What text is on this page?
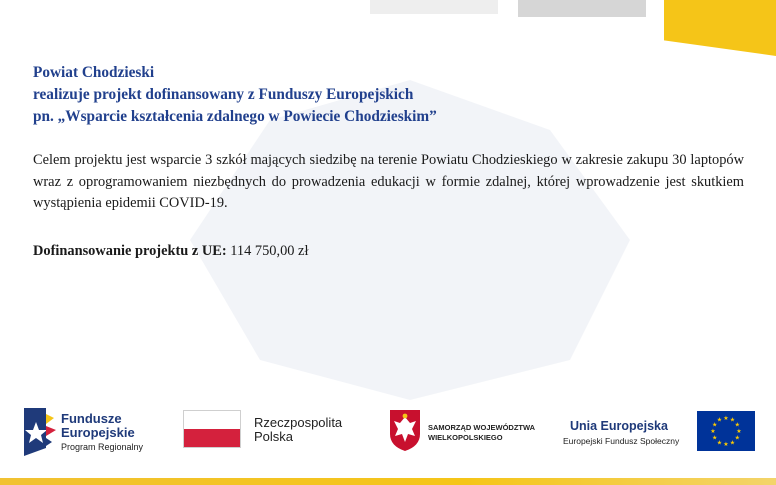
Powiat Chodzieski
realizuje projekt dofinansowany z Funduszy Europejskich
pn. „Wsparcie kształcenia zdalnego w Powiecie Chodzieskim”
Celem projektu jest wsparcie 3 szkół mających siedzibę na terenie Powiatu Chodzieskiego w zakresie zakupu 30 laptopów wraz z oprogramowaniem niezbędnych do prowadzenia edukacji w formie zdalnej, której wprowadzenie jest skutkiem wystąpienia epidemii COVID-19.
Dofinansowanie projektu z UE: 114 750,00 zł
Fundusze
Europejskie
Program Regionalny
Rzeczpospolita
Polska
SAMORZĄD WOJEWÓDZTWA
WIELKOPOLSKIEGO
Unia Europejska
Europejski Fundusz Społeczny
★ ★
★
★
★
★
★
★
★
★
★
★
